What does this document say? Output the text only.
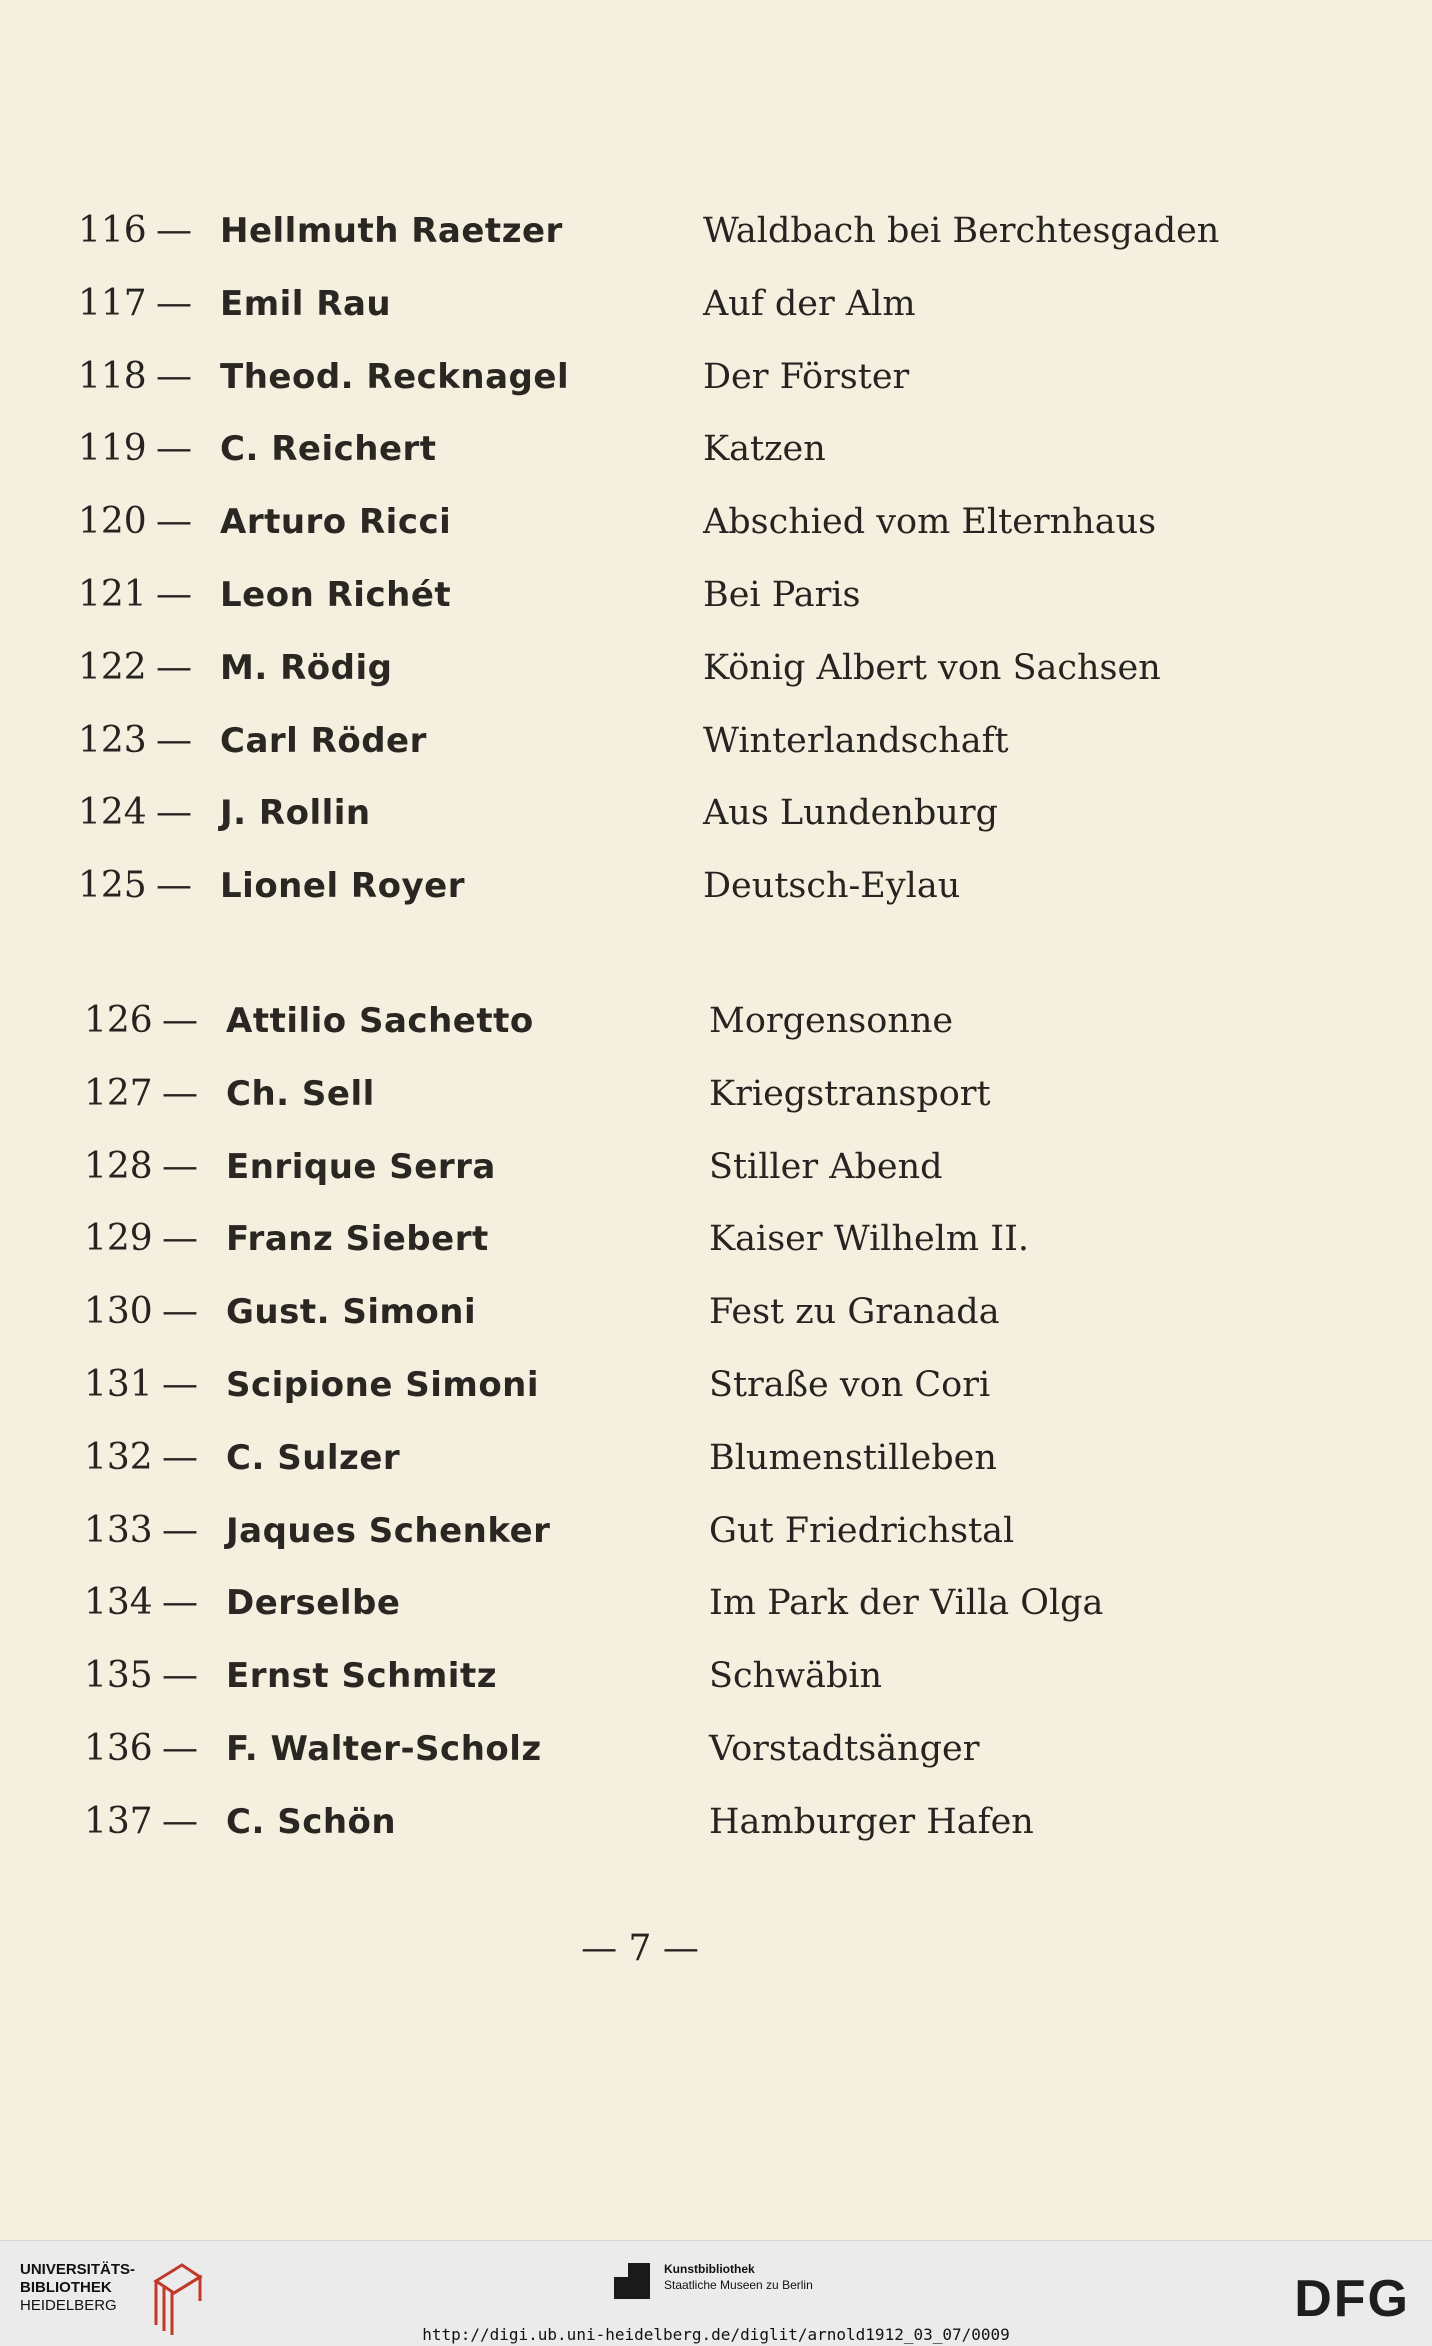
116 — Hellmuth Raetzer	Waldbach bei Berchtesgaden
117 — Emil Rau	Auf der Alm
118 — Theod. Recknagel	Der Förster
119 — C. Reichert	Katzen
120 — Arturo Ricci	Abschied vom Elternhaus
121 — Leon Richét	Bei Paris
122 — M. Rödig	König Albert von Sachsen
123 — Carl Röder	Winterlandschaft
124 — J. Rollin	Aus Lundenburg
125 — Lionel Royer	Deutsch-Eylau
126 — Attilio Sachetto	Morgensonne
127 — Ch. Sell	Kriegstransport
128 — Enrique Serra	Stiller Abend
129 — Franz Siebert	Kaiser Wilhelm II.
130 — Gust. Simoni	Fest zu Granada
131 — Scipione Simoni	Straße von Cori
132 — C. Sulzer	Blumenstilleben
133 — Jaques Schenker	Gut Friedrichstal
134 — Derselbe	Im Park der Villa Olga
135 — Ernst Schmitz	Schwäbin
136 — F. Walter-Scholz	Vorstadtsänger
137 — C. Schön	Hamburger Hafen
— 7 —
UNIVERSITÄTS-
BIBLIOTHEK
HEIDELBERG
Kunstbibliothek
Staatliche Museen zu Berlin	DFG
http://digi.ub.uni-heidelberg.de/diglit/arnold1912_03_07/0009
